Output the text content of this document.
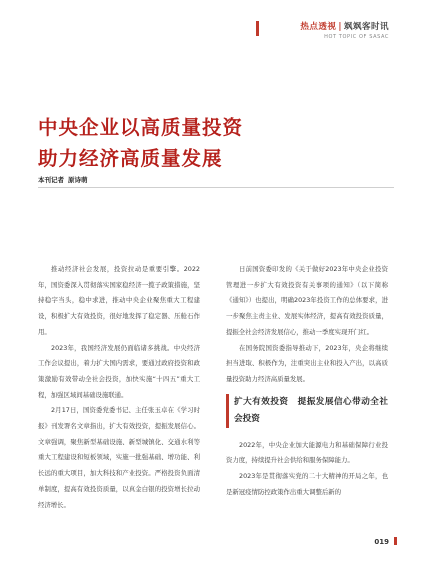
热点透视 | 飒飒客时讯
HOT TOPIC OF SASAC
中央企业以高质量投资
助力经济高质量发展
本刊记者 原诗萌

推动经济社会发展，投资拉动是重要引擎。2022年，国资委深入贯彻落实国家稳经济一揽子政策措施，坚持稳字当头，稳中求进，推动中央企业聚焦重大工程建设，积极扩大有效投资，很好地发挥了稳定器、压舱石作用。

2023年，我国经济发展仍面临诸多挑战。中央经济工作会议提出，着力扩大国内需求，要通过政府投资和政策激励有效带动全社会投资，加快实施“十四五”重大工程，加强区域间基础设施联通。

2月17日，国资委党委书记、主任张玉卓在《学习时报》刊发署名文章指出，扩大有效投资，提振发展信心。文章强调，聚焦新型基础设施、新型城镇化、交通水利等重大工程建设和短板领域，实施一批强基础、增功能、利长远的重大项目，加大科技和产业投资。严格投资负面清单制度，提高有效投资质量，以真金白银的投资增长拉动经济增长。

日前国资委印发的《关于做好2023年中央企业投资管理进一步扩大有效投资有关事项的通知》（以下简称《通知》）也提出，明确2023年投资工作的总体要求，进一步聚焦主责主业、发展实体经济，提高有效投资质量，提振全社会经济发展信心，推动一季度实现开门红。

在国务院国资委指导推动下，2023年，央企将继续担当进取、积极作为，注重突出主业和投入产出，以高质量投资助力经济高质量发展。

扩大有效投资　提振发展信心带动全社会投资

2022年，中央企业加大能源电力和基础保障行业投资力度，持续提升社会供给和服务保障能力。

2023年是贯彻落实党的二十大精神的开局之年，也是新冠疫情防控政策作出重大调整后新的

019
